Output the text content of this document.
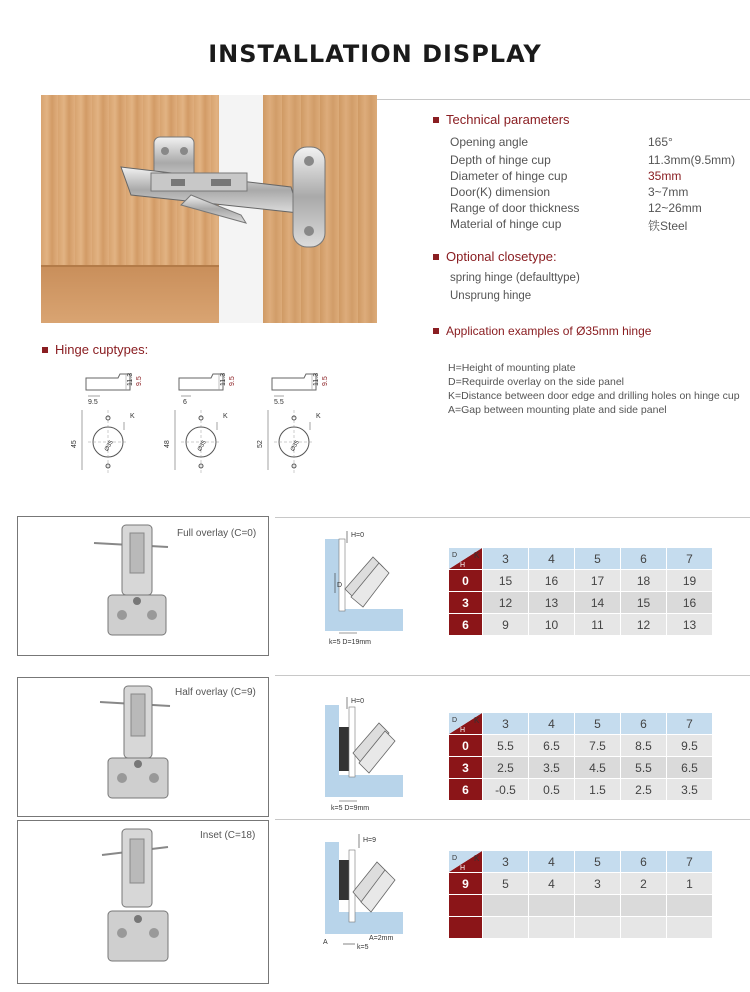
INSTALLATION DISPLAY
Technical parameters
Opening angle	165°
Depth of hinge cup	11.3mm(9.5mm)
Diameter of hinge cup	35mm
Door(K) dimension	3~7mm
Range of door thickness	12~26mm
Material of hinge cup	铁Steel
Optional closetype:
spring hinge (defaulttype)
Unsprung hinge
Application examples of Ø35mm hinge
H=Height of mounting plate
D=Requirde overlay on the side panel
K=Distance between door edge and drilling holes on hinge cup
A=Gap between mounting plate and side panel
Hinge cuptypes:
11.3 9.5
9.5
45	Ø35
K
11.3 9.5
6
48	Ø35
K
11.3 9.5
5.5
52	Ø35
K
Full overlay (C=0)	H=0
D
k=5 D=19mm
D K
H	3	4	5	6	7
0	15	16	17	18	19
3	12	13	14	15	16
6	9	10	11	12	13
Half overlay (C=9)
H=0
k=5 D=9mm
D K
H	3	4	5	6	7
0	5.5	6.5	7.5	8.5	9.5
3	2.5	3.5	4.5	5.5	6.5
6	-0.5	0.5	1.5	2.5	3.5
Inset (C=18)	H=9
A
A=2mm
k=5
D K
H	3	4	5	6	7
9	5	4	3	2	1
